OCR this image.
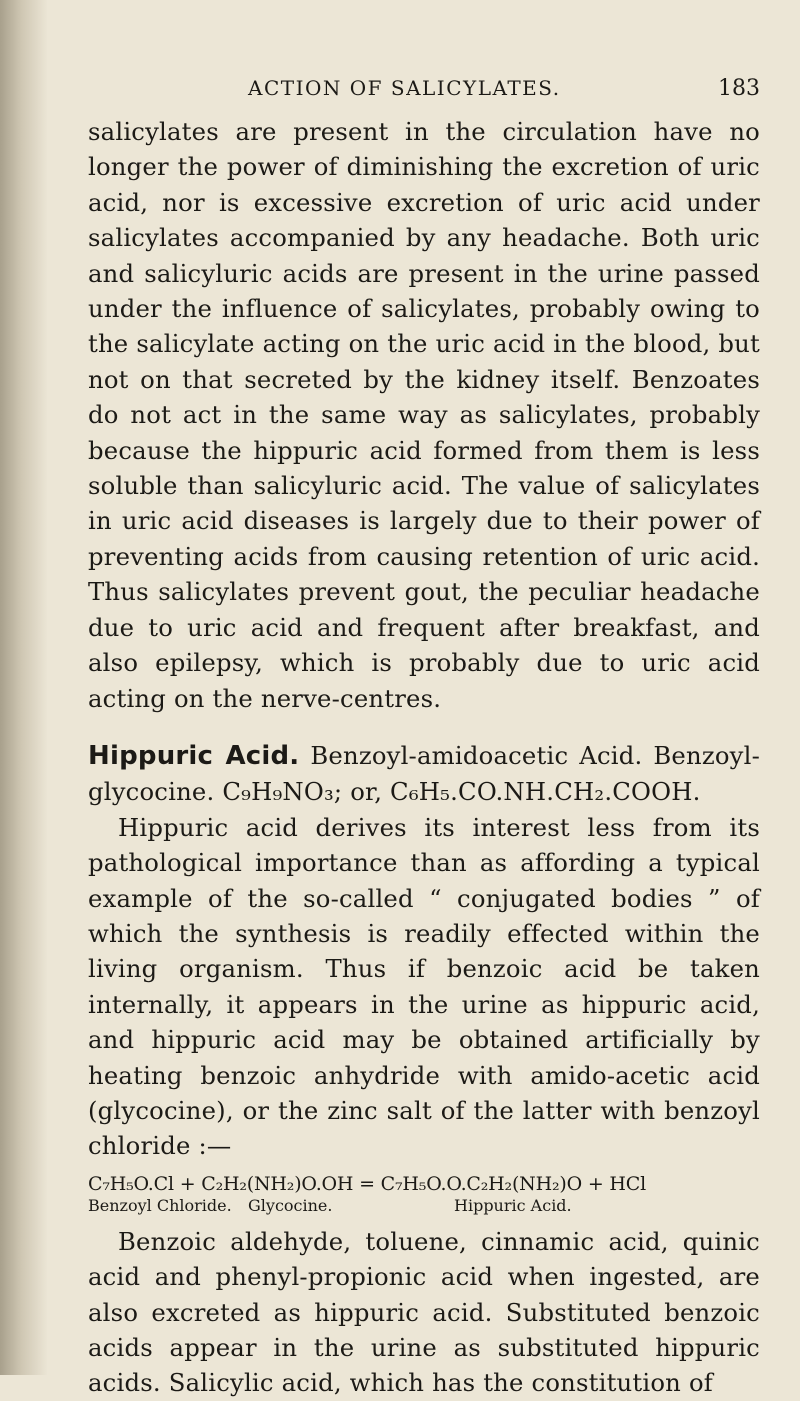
ACTION OF SALICYLATES.	183

salicylates are present in the circulation have no longer the power of diminishing the excretion of uric acid, nor is excessive excretion of uric acid under salicylates accompanied by any headache. Both uric and salicyluric acids are present in the urine passed under the influence of salicylates, probably owing to the salicylate acting on the uric acid in the blood, but not on that secreted by the kidney itself. Benzoates do not act in the same way as salicylates, probably because the hippuric acid formed from them is less soluble than salicyluric acid. The value of salicylates in uric acid diseases is largely due to their power of preventing acids from causing retention of uric acid. Thus salicylates prevent gout, the peculiar headache due to uric acid and frequent after breakfast, and also epilepsy, which is probably due to uric acid acting on the nerve-centres.

Hippuric Acid. Benzoyl-amidoacetic Acid. Benzoyl-glycocine. C₉H₉NO₃; or, C₆H₅.CO.NH.CH₂.COOH.

Hippuric acid derives its interest less from its pathological importance than as affording a typical example of the so-called “ conjugated bodies ” of which the synthesis is readily effected within the living organism. Thus if benzoic acid be taken internally, it appears in the urine as hippuric acid, and hippuric acid may be obtained artificially by heating benzoic anhydride with amido-acetic acid (glycocine), or the zinc salt of the latter with benzoyl chloride :—

C₇H₅O.Cl + C₂H₂(NH₂)O.OH = C₇H₅O.O.C₂H₂(NH₂)O + HCl
Benzoyl Chloride.	Glycocine.	Hippuric Acid.

Benzoic aldehyde, toluene, cinnamic acid, quinic acid and phenyl-propionic acid when ingested, are also excreted as hippuric acid. Substituted benzoic acids appear in the urine as substituted hippuric acids. Salicylic acid, which has the constitution of
